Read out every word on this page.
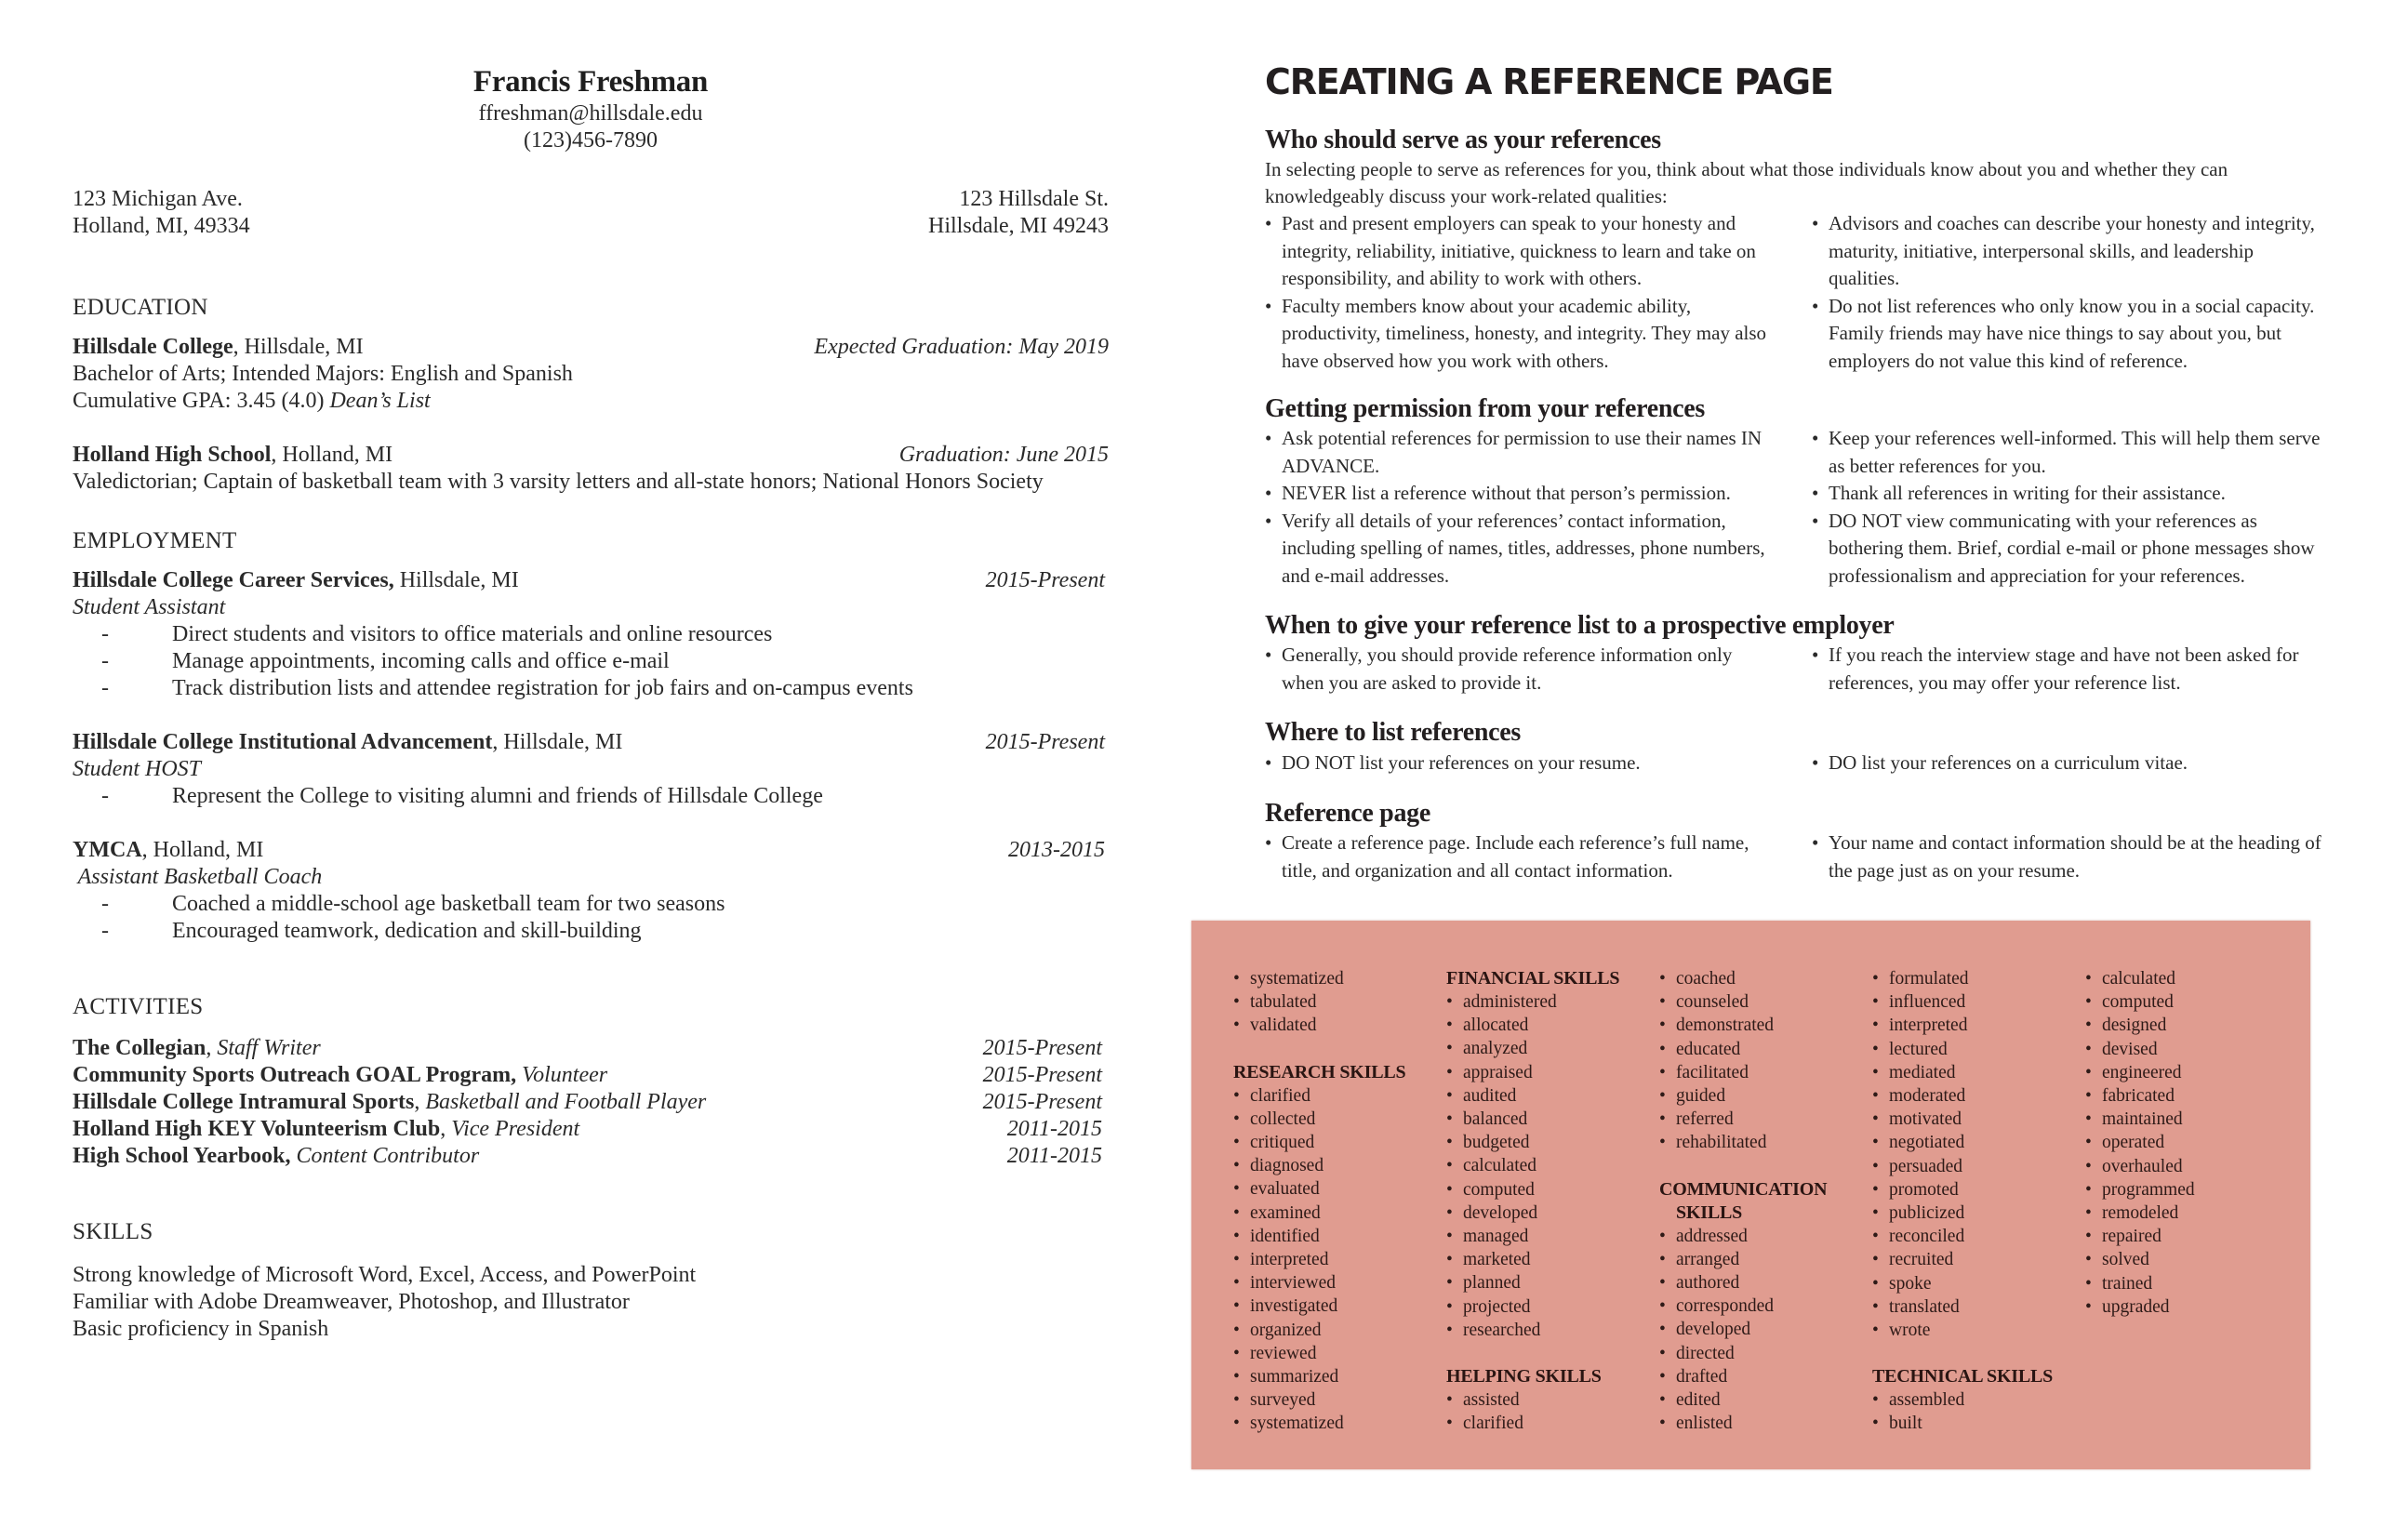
Francis Freshman
ffreshman@hillsdale.edu
(123)456-7890
123 Michigan Ave.
Holland, MI, 49334
123 Hillsdale St.
Hillsdale, MI 49243
EDUCATION
Hillsdale College, Hillsdale, MI	Expected Graduation: May 2019
Bachelor of Arts; Intended Majors: English and Spanish
Cumulative GPA: 3.45 (4.0) Dean’s List
Holland High School, Holland, MI	Graduation: June 2015
Valedictorian; Captain of basketball team with 3 varsity letters and all-state honors; National Honors Society
EMPLOYMENT
Hillsdale College Career Services, Hillsdale, MI	2015-Present
Student Assistant
-	Direct students and visitors to office materials and online resources
-	Manage appointments, incoming calls and office e-mail
-	Track distribution lists and attendee registration for job fairs and on-campus events
Hillsdale College Institutional Advancement, Hillsdale, MI	2015-Present
Student HOST
-	Represent the College to visiting alumni and friends of Hillsdale College
YMCA, Holland, MI	2013-2015
Assistant Basketball Coach
-	Coached a middle-school age basketball team for two seasons
-	Encouraged teamwork, dedication and skill-building
ACTIVITIES
The Collegian, Staff Writer	2015-Present
Community Sports Outreach GOAL Program, Volunteer	2015-Present
Hillsdale College Intramural Sports, Basketball and Football Player	2015-Present
Holland High KEY Volunteerism Club, Vice President	2011-2015
High School Yearbook, Content Contributor	2011-2015
SKILLS
Strong knowledge of Microsoft Word, Excel, Access, and PowerPoint
Familiar with Adobe Dreamweaver, Photoshop, and Illustrator
Basic proficiency in Spanish
CREATING A REFERENCE PAGE
Who should serve as your references
In selecting people to serve as references for you, think about what those individuals know about you and whether they can knowledgeably discuss your work-related qualities:
• Past and present employers can speak to your honesty and integrity, reliability, initiative, quickness to learn and take on responsibility, and ability to work with others.
• Faculty members know about your academic ability, productivity, timeliness, honesty, and integrity. They may also have observed how you work with others.
• Advisors and coaches can describe your honesty and integrity, maturity, initiative, interpersonal skills, and leadership qualities.
• Do not list references who only know you in a social capacity. Family friends may have nice things to say about you, but employers do not value this kind of reference.
Getting permission from your references
• Ask potential references for permission to use their names IN ADVANCE.
• NEVER list a reference without that person’s permission.
• Verify all details of your references’ contact information, including spelling of names, titles, addresses, phone numbers, and e-mail addresses.
• Keep your references well-informed. This will help them serve as better references for you.
• Thank all references in writing for their assistance.
• DO NOT view communicating with your references as bothering them. Brief, cordial e-mail or phone messages show professionalism and appreciation for your references.
When to give your reference list to a prospective employer
• Generally, you should provide reference information only when you are asked to provide it.
• If you reach the interview stage and have not been asked for references, you may offer your reference list.
Where to list references
• DO NOT list your references on your resume.	• DO list your references on a curriculum vitae.
Reference page
• Create a reference page. Include each reference’s full name, title, and organization and all contact information.
• Your name and contact information should be at the heading of the page just as on your resume.
• systematized
• tabulated
• validated
RESEARCH SKILLS
• clarified
• collected
• critiqued
• diagnosed
• evaluated
• examined
• identified
• interpreted
• interviewed
• investigated
• organized
• reviewed
• summarized
• surveyed
• systematized
FINANCIAL SKILLS
• administered
• allocated
• analyzed
• appraised
• audited
• balanced
• budgeted
• calculated
• computed
• developed
• managed
• marketed
• planned
• projected
• researched
HELPING SKILLS
• assisted
• clarified
• coached
• counseled
• demonstrated
• educated
• facilitated
• guided
• referred
• rehabilitated
COMMUNICATION
SKILLS
• addressed
• arranged
• authored
• corresponded
• developed
• directed
• drafted
• edited
• enlisted
• formulated
• influenced
• interpreted
• lectured
• mediated
• moderated
• motivated
• negotiated
• persuaded
• promoted
• publicized
• reconciled
• recruited
• spoke
• translated
• wrote
TECHNICAL SKILLS
• assembled
• built
• calculated
• computed
• designed
• devised
• engineered
• fabricated
• maintained
• operated
• overhauled
• programmed
• remodeled
• repaired
• solved
• trained
• upgraded
